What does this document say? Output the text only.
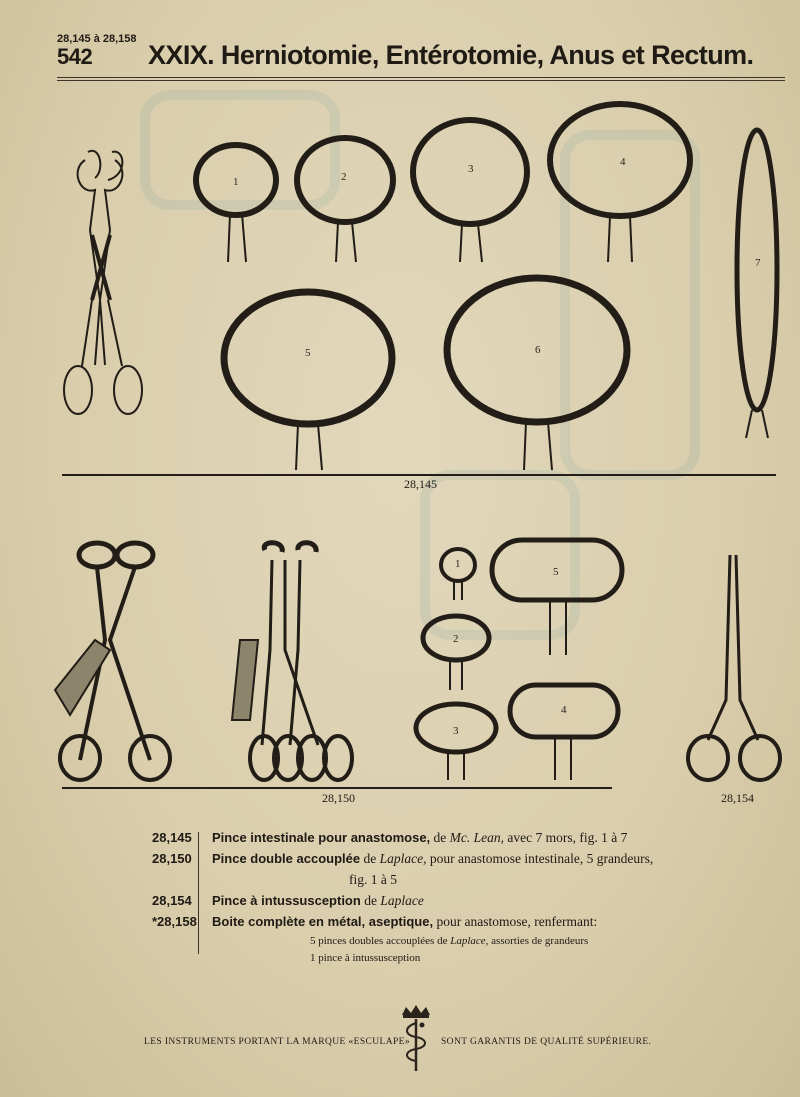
28,145 à 28,158
542 XXIX. Herniotomie, Entérotomie, Anus et Rectum.
1	2
3
4
5	6
7
1
2
3
4
5
28,145
28,150	28,154
28,145 Pince intestinale pour anastomose, de Mc. Lean, avec 7 mors, fig. 1 à 7
28,150 Pince double accouplée de Laplace, pour anastomose intestinale, 5 grandeurs,
fig. 1 à 5
28,154 Pince à intussusception de Laplace
*28,158 Boite complète en métal, aseptique, pour anastomose, renfermant:
5 pinces doubles accouplées de Laplace, assorties de grandeurs
1 pince à intussusception
LES INSTRUMENTS PORTANT LA MARQUE «ESCULAPE»	SONT GARANTIS DE QUALITÉ SUPÉRIEURE.
